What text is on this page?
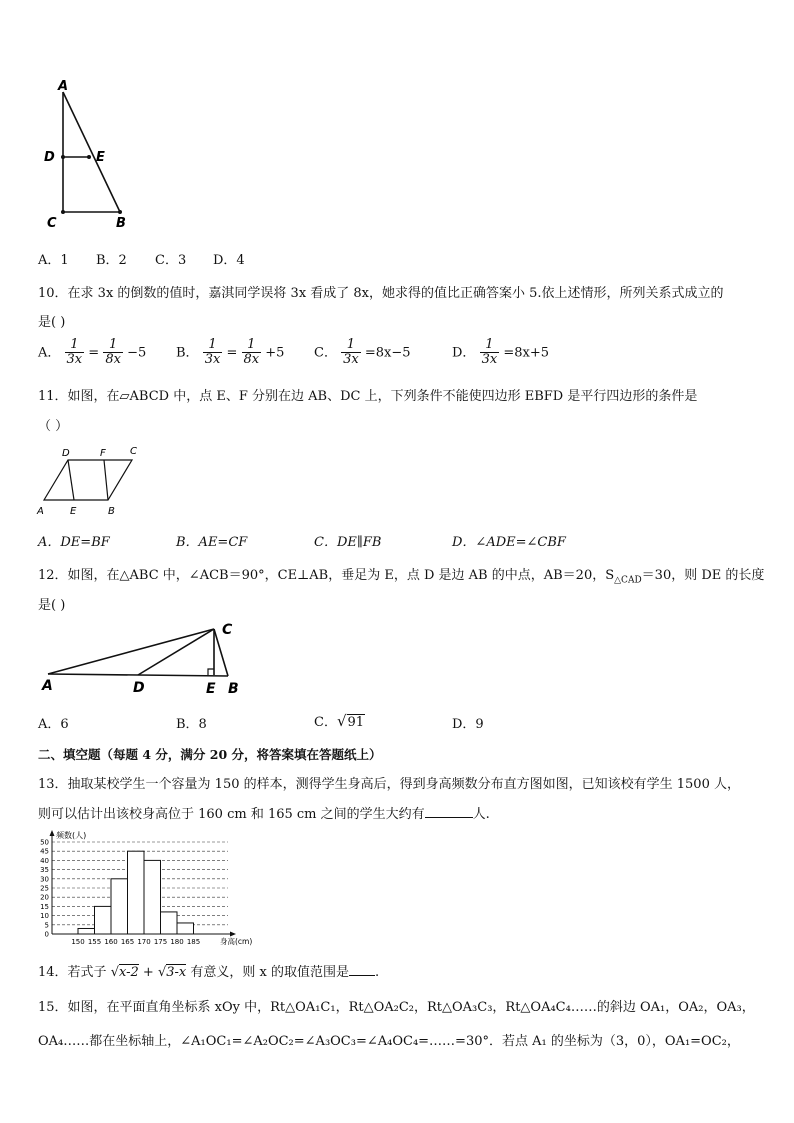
A
D	E
C	B
A．1 B．2 C．3 D．4
10．在求 3x 的倒数的值时，嘉淇同学误将 3x 看成了 8x，她求得的值比正确答案小 5.依上述情形，所列关系式成立的
是( )
A． $\frac{1}{3x} = \frac{1}{8x} -5$ B． $\frac{1}{3x} = \frac{1}{8x} +5$ C． $\frac{1}{3x} =8x-5$	D． $\frac{1}{3x} =8x+5$
11．如图，在▱ABCD 中，点 E、F 分别在边 AB、DC 上，下列条件不能使四边形 EBFD 是平行四边形的条件是
（ ）
D	F C
A	E	B
A．DE=BF	B．AE=CF	C．DE∥FB	D．∠ADE=∠CBF
12．如图，在△ABC 中，∠ACB＝90°，CE⊥AB，垂足为 E，点 D 是边 AB 的中点，AB＝20，$S_{\triangle CAD}=30$，则 DE 的长度
是( )
A	D	E B
C
A．6	B．8	C．√91	D．9
二、填空题（每题 4 分，满分 20 分，将答案填在答题纸上）
13．抽取某校学生一个容量为 150 的样本，测得学生身高后，得到身高频数分布直方图如图，已知该校有学生 1500 人，
则可以估计出该校身高位于 160 cm 和 165 cm 之间的学生大约有	人.
0
5
10
15
20
25
30
35
40
45
50
150 155 160 165 170 175 180 185
频数(人)
身高(cm)
14．若式子 √x-2 + √3-x 有意义，则 x 的取值范围是 .
15．如图，在平面直角坐标系 xOy 中，Rt△OA₁C₁，Rt△OA₂C₂，Rt△OA₃C₃，Rt△OA₄C₄……的斜边 OA₁，OA₂，OA₃，
OA₄……都在坐标轴上，∠A₁OC₁=∠A₂OC₂=∠A₃OC₃=∠A₄OC₄=……=30°．若点 A₁ 的坐标为（3，0），OA₁=OC₂，
